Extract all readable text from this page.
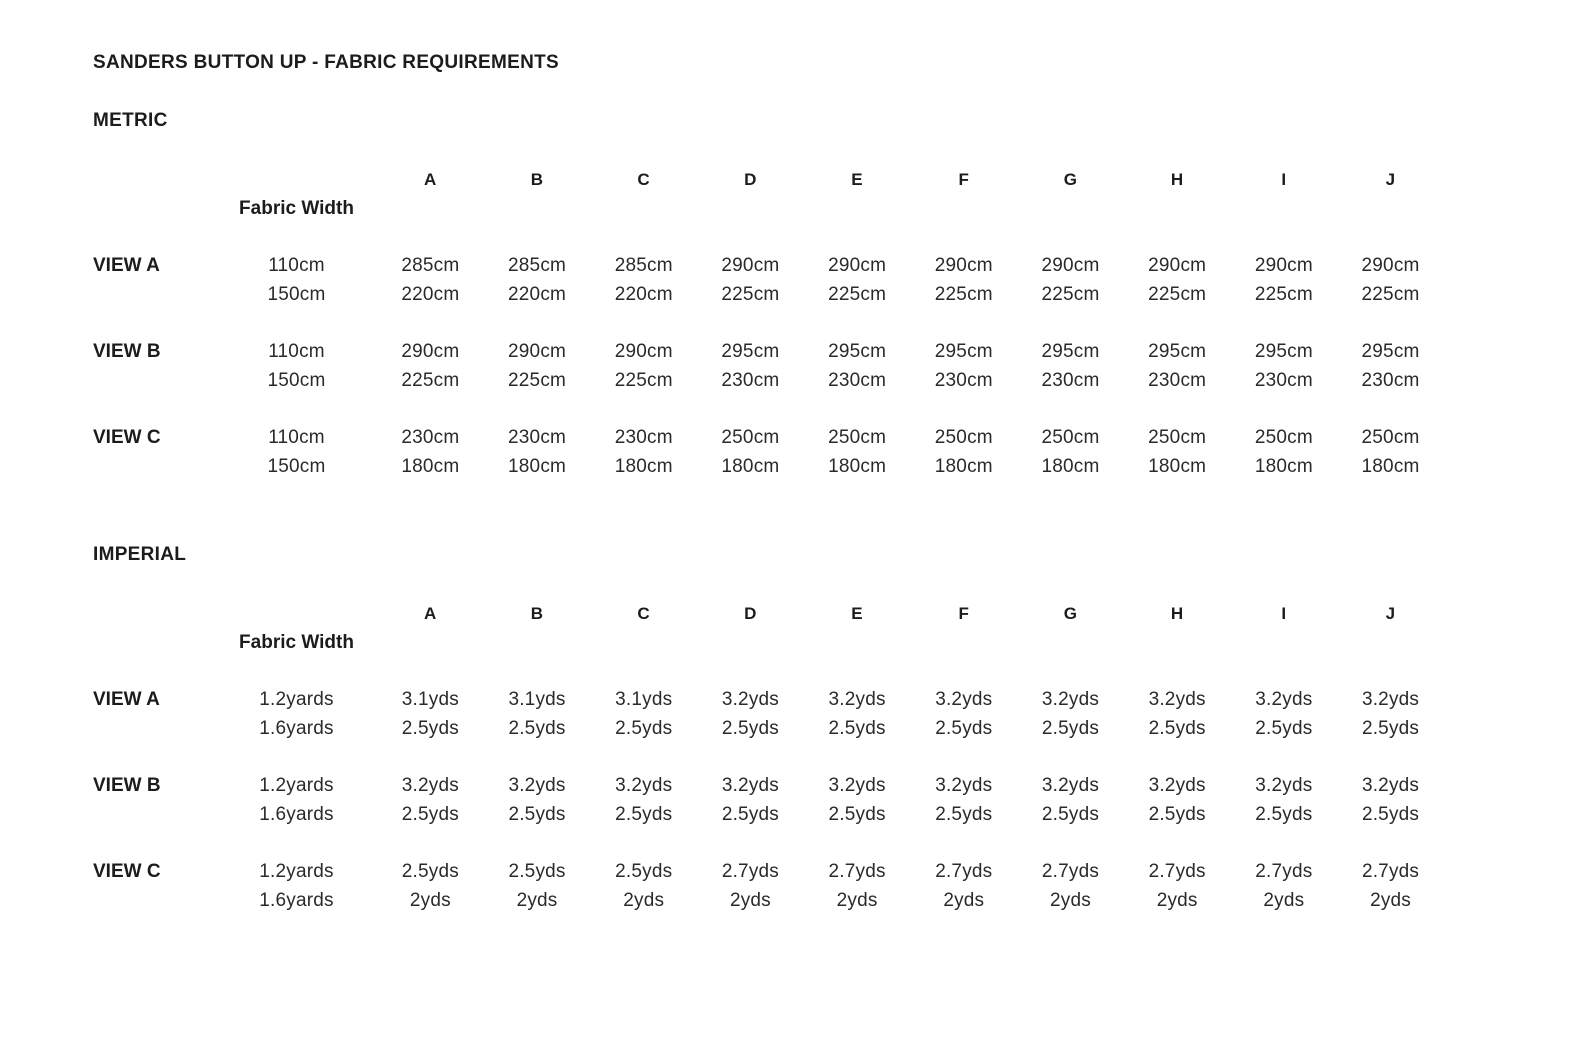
SANDERS BUTTON UP - FABRIC REQUIREMENTS
METRIC
A	B	C	D	E	F	G	H	I	J
Fabric Width
VIEW A	110cm	285cm	285cm	285cm	290cm	290cm	290cm	290cm	290cm	290cm	290cm
150cm	220cm	220cm	220cm	225cm	225cm	225cm	225cm	225cm	225cm	225cm
VIEW B	110cm	290cm	290cm	290cm	295cm	295cm	295cm	295cm	295cm	295cm	295cm
150cm	225cm	225cm	225cm	230cm	230cm	230cm	230cm	230cm	230cm	230cm
VIEW C	110cm	230cm	230cm	230cm	250cm	250cm	250cm	250cm	250cm	250cm	250cm
150cm	180cm	180cm	180cm	180cm	180cm	180cm	180cm	180cm	180cm	180cm
IMPERIAL
A	B	C	D	E	F	G	H	I	J
Fabric Width
VIEW A	1.2yards	3.1yds	3.1yds	3.1yds	3.2yds	3.2yds	3.2yds	3.2yds	3.2yds	3.2yds	3.2yds
1.6yards	2.5yds	2.5yds	2.5yds	2.5yds	2.5yds	2.5yds	2.5yds	2.5yds	2.5yds	2.5yds
VIEW B	1.2yards	3.2yds	3.2yds	3.2yds	3.2yds	3.2yds	3.2yds	3.2yds	3.2yds	3.2yds	3.2yds
1.6yards	2.5yds	2.5yds	2.5yds	2.5yds	2.5yds	2.5yds	2.5yds	2.5yds	2.5yds	2.5yds
VIEW C	1.2yards	2.5yds	2.5yds	2.5yds	2.7yds	2.7yds	2.7yds	2.7yds	2.7yds	2.7yds	2.7yds
1.6yards	2yds	2yds	2yds	2yds	2yds	2yds	2yds	2yds	2yds	2yds
